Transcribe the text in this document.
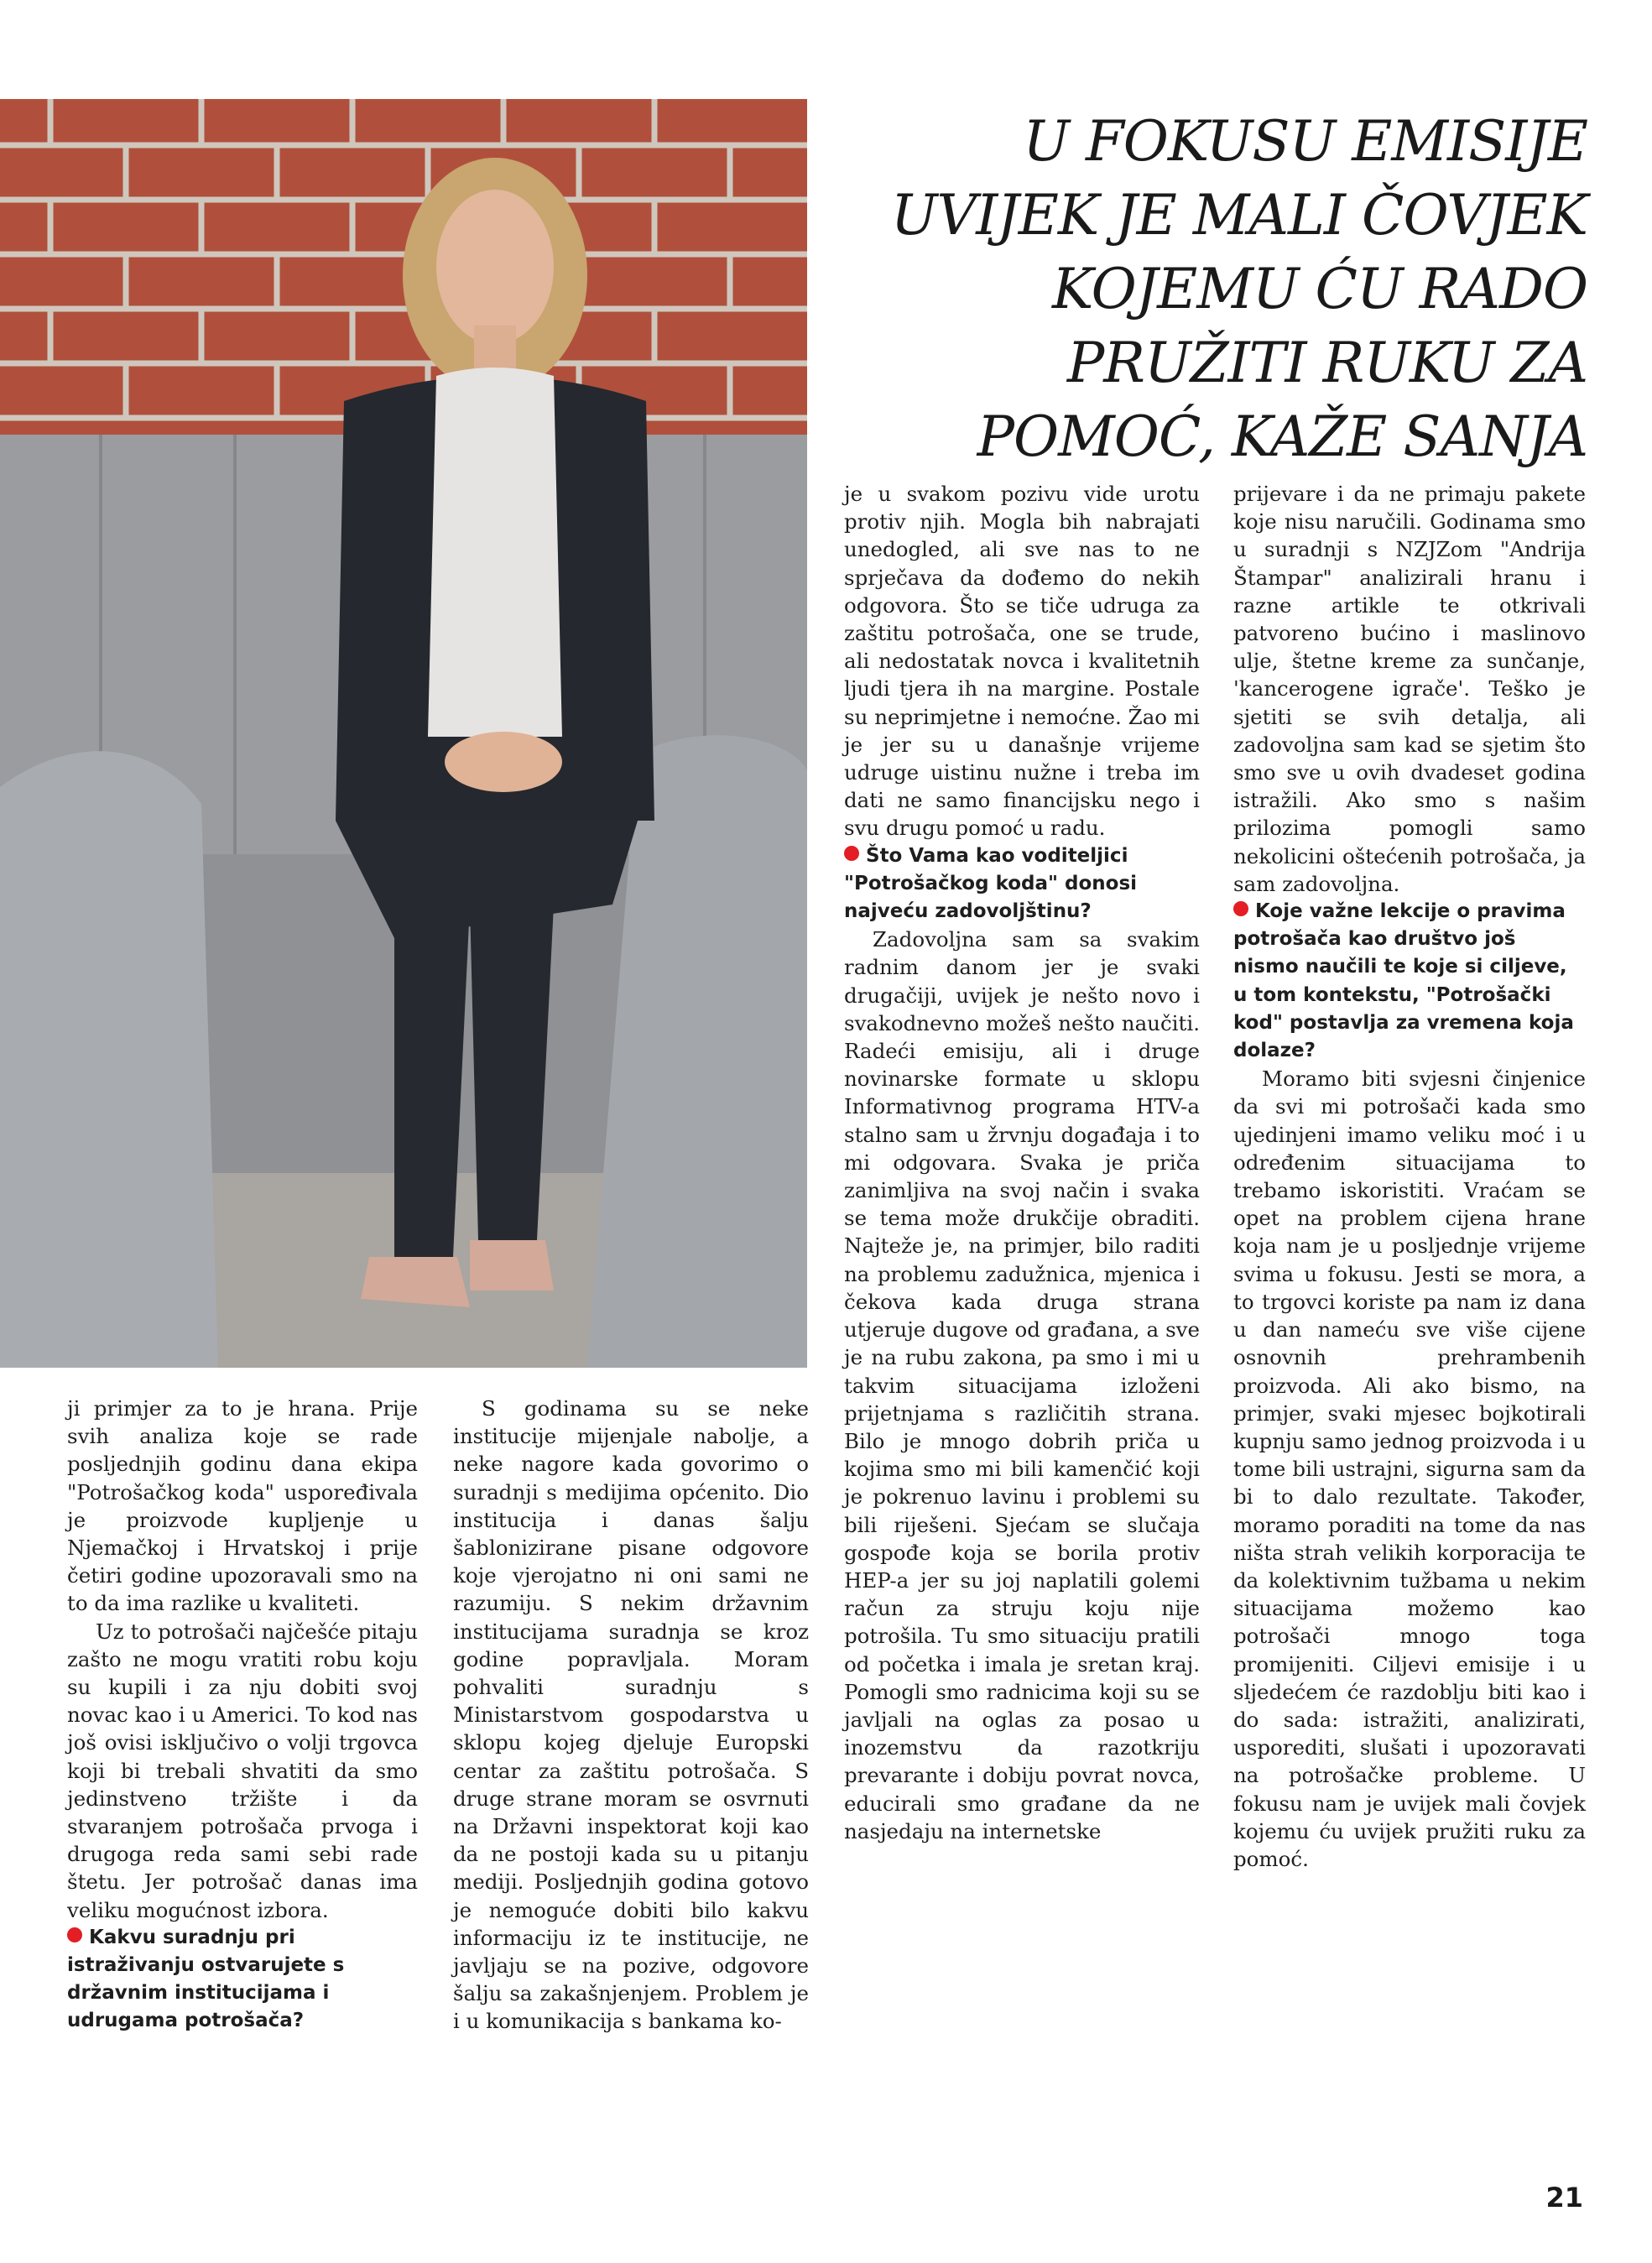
U FOKUSU EMISIJE
UVIJEK JE MALI ČOVJEK
KOJEMU ĆU RADO
PRUŽITI RUKU ZA
POMOĆ, KAŽE SANJA

ji primjer za to je hrana. Prije svih analiza koje se rade posljednjih godinu dana ekipa "Potrošačkog koda" uspoređivala je proizvode kupljenje u Njemačkoj i Hrvatskoj i prije četiri godine upozoravali smo na to da ima razlike u kvaliteti.

Uz to potrošači najčešće pitaju zašto ne mogu vratiti robu koju su kupili i za nju dobiti svoj novac kao i u Americi. To kod nas još ovisi isključivo o volji trgovca koji bi trebali shvatiti da smo jedinstveno tržište i da stvaranjem potrošača prvoga i drugoga reda sami sebi rade štetu. Jer potrošač danas ima veliku mogućnost izbora.

Kakvu suradnju pri istraživanju ostvarujete s državnim institucijama i udrugama potrošača?

S godinama su se neke institucije mijenjale nabolje, a neke nagore kada govorimo o suradnji s medijima općenito. Dio institucija i danas šalju šablonizirane pisane odgovore koje vjerojatno ni oni sami ne razumiju. S nekim državnim institucijama suradnja se kroz godine popravljala. Moram pohvaliti suradnju s Ministarstvom gospodarstva u sklopu kojeg djeluje Europski centar za zaštitu potrošača. S druge strane moram se osvrnuti na Državni inspektorat koji kao da ne postoji kada su u pitanju mediji. Posljednjih godina gotovo je nemoguće dobiti bilo kakvu informaciju iz te institucije, ne javljaju se na pozive, odgovore šalju sa zakašnjenjem. Problem je i u komunikacija s bankama ko-

je u svakom pozivu vide urotu protiv njih. Mogla bih nabrajati unedogled, ali sve nas to ne sprječava da dođemo do nekih odgovora. Što se tiče udruga za zaštitu potrošača, one se trude, ali nedostatak novca i kvalitetnih ljudi tjera ih na margine. Postale su neprimjetne i nemoćne. Žao mi je jer su u današnje vrijeme udruge uistinu nužne i treba im dati ne samo financijsku nego i svu drugu pomoć u radu.

Što Vama kao voditeljici "Potrošačkog koda" donosi najveću zadovoljštinu?

Zadovoljna sam sa svakim radnim danom jer je svaki drugačiji, uvijek je nešto novo i svakodnevno možeš nešto naučiti. Radeći emisiju, ali i druge novinarske formate u sklopu Informativnog programa HTV-a stalno sam u žrvnju događaja i to mi odgovara. Svaka je priča zanimljiva na svoj način i svaka se tema može drukčije obraditi. Najteže je, na primjer, bilo raditi na problemu zadužnica, mjenica i čekova kada druga strana utjeruje dugove od građana, a sve je na rubu zakona, pa smo i mi u takvim situacijama izloženi prijetnjama s različitih strana. Bilo je mnogo dobrih priča u kojima smo mi bili kamenčić koji je pokrenuo lavinu i problemi su bili riješeni. Sjećam se slučaja gospođe koja se borila protiv HEP-a jer su joj naplatili golemi račun za struju koju nije potrošila. Tu smo situaciju pratili od početka i imala je sretan kraj. Pomogli smo radnicima koji su se javljali na oglas za posao u inozemstvu da razotkriju prevarante i dobiju povrat novca, educirali smo građane da ne nasjedaju na internetske

prijevare i da ne primaju pakete koje nisu naručili. Godinama smo u suradnji s NZJZom "Andrija Štampar" analizirali hranu i razne artikle te otkrivali patvoreno bućino i maslinovo ulje, štetne kreme za sunčanje, 'kancerogene igrače'. Teško je sjetiti se svih detalja, ali zadovoljna sam kad se sjetim što smo sve u ovih dvadeset godina istražili. Ako smo s našim prilozima pomogli samo nekolicini oštećenih potrošača, ja sam zadovoljna.

Koje važne lekcije o pravima potrošača kao društvo još nismo naučili te koje si ciljeve, u tom kontekstu, "Potrošački kod" postavlja za vremena koja dolaze?

Moramo biti svjesni činjenice da svi mi potrošači kada smo ujedinjeni imamo veliku moć i u određenim situacijama to trebamo iskoristiti. Vraćam se opet na problem cijena hrane koja nam je u posljednje vrijeme svima u fokusu. Jesti se mora, a to trgovci koriste pa nam iz dana u dan nameću sve više cijene osnovnih prehrambenih proizvoda. Ali ako bismo, na primjer, svaki mjesec bojkotirali kupnju samo jednog proizvoda i u tome bili ustrajni, sigurna sam da bi to dalo rezultate. Također, moramo poraditi na tome da nas ništa strah velikih korporacija te da kolektivnim tužbama u nekim situacijama možemo kao potrošači mnogo toga promijeniti. Ciljevi emisije i u sljedećem će razdoblju biti kao i do sada: istražiti, analizirati, usporediti, slušati i upozoravati na potrošačke probleme. U fokusu nam je uvijek mali čovjek kojemu ću uvijek pružiti ruku za pomoć.

21
